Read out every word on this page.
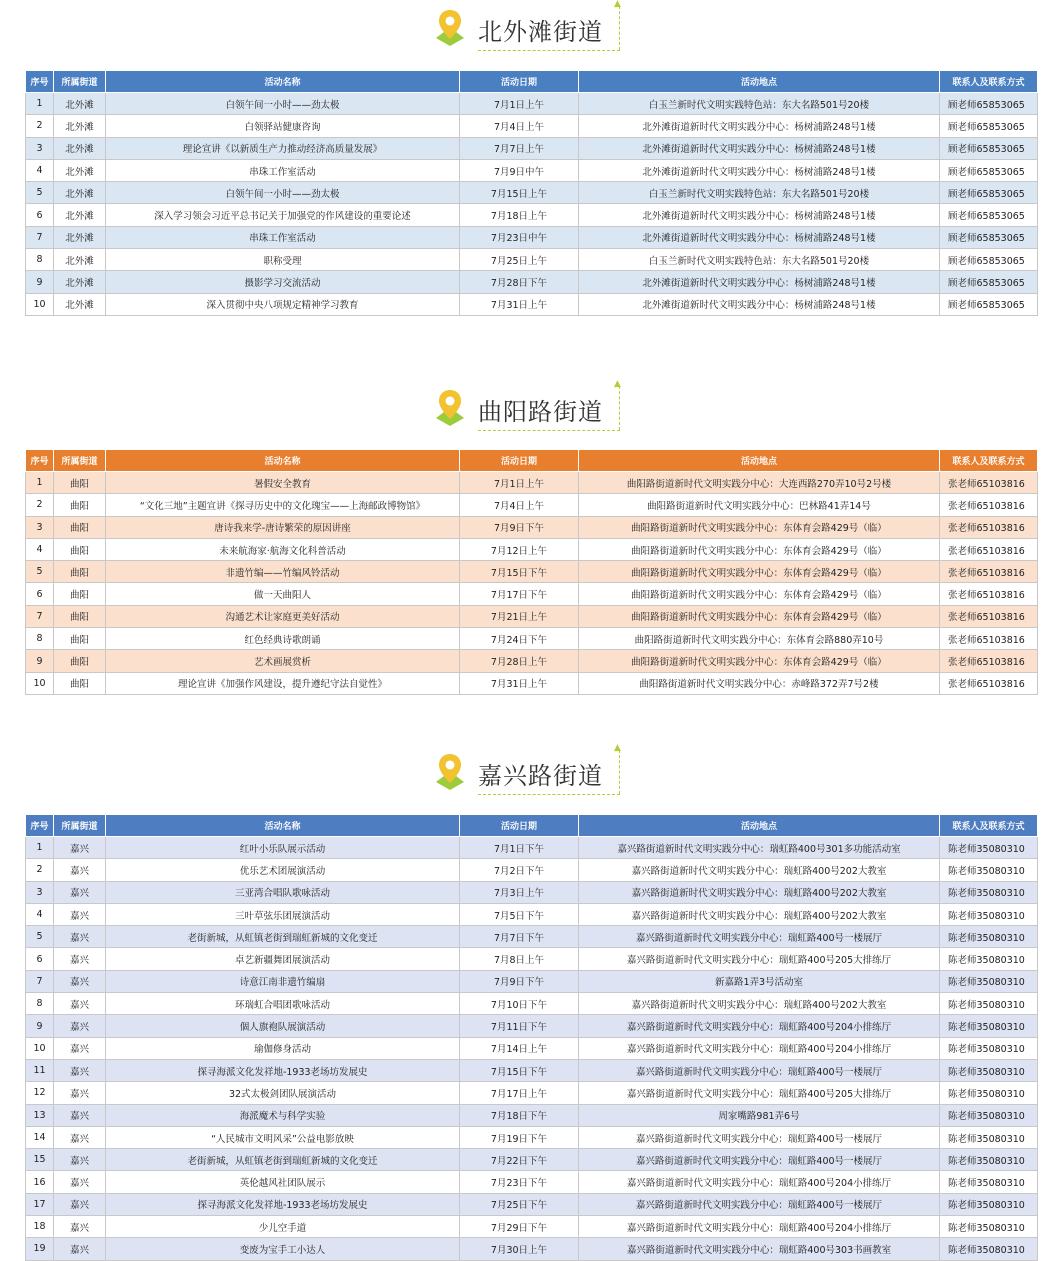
北外滩街道
▲
序号	所属街道	活动名称	活动日期	活动地点	联系人及联系方式
1	北外滩	白领午间一小时——劲太极	7月1日上午	白玉兰新时代文明实践特色站：东大名路501号20楼	顾老师65853065
2	北外滩	白领驿站健康咨询	7月4日上午	北外滩街道新时代文明实践分中心：杨树浦路248号1楼	顾老师65853065
3	北外滩	理论宣讲《以新质生产力推动经济高质量发展》	7月7日上午	北外滩街道新时代文明实践分中心：杨树浦路248号1楼	顾老师65853065
4	北外滩	串珠工作室活动	7月9日中午	北外滩街道新时代文明实践分中心：杨树浦路248号1楼	顾老师65853065
5	北外滩	白领午间一小时——劲太极	7月15日上午	白玉兰新时代文明实践特色站：东大名路501号20楼	顾老师65853065
6	北外滩	深入学习领会习近平总书记关于加强党的作风建设的重要论述	7月18日上午	北外滩街道新时代文明实践分中心：杨树浦路248号1楼	顾老师65853065
7	北外滩	串珠工作室活动	7月23日中午	北外滩街道新时代文明实践分中心：杨树浦路248号1楼	顾老师65853065
8	北外滩	职称受理	7月25日上午	白玉兰新时代文明实践特色站：东大名路501号20楼	顾老师65853065
9	北外滩	摄影学习交流活动	7月28日下午	北外滩街道新时代文明实践分中心：杨树浦路248号1楼	顾老师65853065
10	北外滩	深入贯彻中央八项规定精神学习教育	7月31日上午	北外滩街道新时代文明实践分中心：杨树浦路248号1楼	顾老师65853065
曲阳路街道
▲
序号	所属街道	活动名称	活动日期	活动地点	联系人及联系方式
1	曲阳	暑假安全教育	7月1日上午	曲阳路街道新时代文明实践分中心：大连西路270弄10号2号楼	张老师65103816
2	曲阳	“文化三地”主题宣讲《探寻历史中的文化瑰宝——上海邮政博物馆》	7月4日上午	曲阳路街道新时代文明实践分中心：巴林路41弄14号	张老师65103816
3	曲阳	唐诗我来学-唐诗繁荣的原因讲座	7月9日下午	曲阳路街道新时代文明实践分中心：东体育会路429号（临）	张老师65103816
4	曲阳	未来航海家·航海文化科普活动	7月12日上午	曲阳路街道新时代文明实践分中心：东体育会路429号（临）	张老师65103816
5	曲阳	非遗竹编——竹编风铃活动	7月15日下午	曲阳路街道新时代文明实践分中心：东体育会路429号（临）	张老师65103816
6	曲阳	做一天曲阳人	7月17日下午	曲阳路街道新时代文明实践分中心：东体育会路429号（临）	张老师65103816
7	曲阳	沟通艺术让家庭更美好活动	7月21日上午	曲阳路街道新时代文明实践分中心：东体育会路429号（临）	张老师65103816
8	曲阳	红色经典诗歌朗诵	7月24日下午	曲阳路街道新时代文明实践分中心：东体育会路880弄10号	张老师65103816
9	曲阳	艺术画展赏析	7月28日上午	曲阳路街道新时代文明实践分中心：东体育会路429号（临）	张老师65103816
10	曲阳	理论宣讲《加强作风建设，提升遵纪守法自觉性》	7月31日上午	曲阳路街道新时代文明实践分中心：赤峰路372弄7号2楼	张老师65103816
嘉兴路街道
▲
序号	所属街道	活动名称	活动日期	活动地点	联系人及联系方式
1	嘉兴	红叶小乐队展示活动	7月1日下午	嘉兴路街道新时代文明实践分中心：瑞虹路400号301多功能活动室	陈老师35080310
2	嘉兴	优乐艺术团展演活动	7月2日下午	嘉兴路街道新时代文明实践分中心：瑞虹路400号202大教室	陈老师35080310
3	嘉兴	三亚湾合唱队歌咏活动	7月3日上午	嘉兴路街道新时代文明实践分中心：瑞虹路400号202大教室	陈老师35080310
4	嘉兴	三叶草弦乐团展演活动	7月5日下午	嘉兴路街道新时代文明实践分中心：瑞虹路400号202大教室	陈老师35080310
5	嘉兴	老街新城，从虹镇老街到瑞虹新城的文化变迁	7月7日下午	嘉兴路街道新时代文明实践分中心：瑞虹路400号一楼展厅	陈老师35080310
6	嘉兴	卓艺新疆舞团展演活动	7月8日上午	嘉兴路街道新时代文明实践分中心：瑞虹路400号205大排练厅	陈老师35080310
7	嘉兴	诗意江南非遗竹编扇	7月9日下午	新嘉路1弄3号活动室	陈老师35080310
8	嘉兴	环瑞虹合唱团歌咏活动	7月10日下午	嘉兴路街道新时代文明实践分中心：瑞虹路400号202大教室	陈老师35080310
9	嘉兴	個人旗袍队展演活动	7月11日下午	嘉兴路街道新时代文明实践分中心：瑞虹路400号204小排练厅	陈老师35080310
10	嘉兴	瑜伽修身活动	7月14日上午	嘉兴路街道新时代文明实践分中心：瑞虹路400号204小排练厅	陈老师35080310
11	嘉兴	探寻海派文化发祥地-1933老场坊发展史	7月15日下午	嘉兴路街道新时代文明实践分中心：瑞虹路400号一楼展厅	陈老师35080310
12	嘉兴	32式太极剑团队展演活动	7月17日上午	嘉兴路街道新时代文明实践分中心：瑞虹路400号205大排练厅	陈老师35080310
13	嘉兴	海派魔术与科学实验	7月18日下午	周家嘴路981弄6号	陈老师35080310
14	嘉兴	“人民城市文明风采”公益电影放映	7月19日下午	嘉兴路街道新时代文明实践分中心：瑞虹路400号一楼展厅	陈老师35080310
15	嘉兴	老街新城，从虹镇老街到瑞虹新城的文化变迁	7月22日下午	嘉兴路街道新时代文明实践分中心：瑞虹路400号一楼展厅	陈老师35080310
16	嘉兴	英伦越风社团队展示	7月23日下午	嘉兴路街道新时代文明实践分中心：瑞虹路400号204小排练厅	陈老师35080310
17	嘉兴	探寻海派文化发祥地-1933老场坊发展史	7月25日下午	嘉兴路街道新时代文明实践分中心：瑞虹路400号一楼展厅	陈老师35080310
18	嘉兴	少儿空手道	7月29日下午	嘉兴路街道新时代文明实践分中心：瑞虹路400号204小排练厅	陈老师35080310
19	嘉兴	变废为宝手工小达人	7月30日上午	嘉兴路街道新时代文明实践分中心：瑞虹路400号303书画教室	陈老师35080310
